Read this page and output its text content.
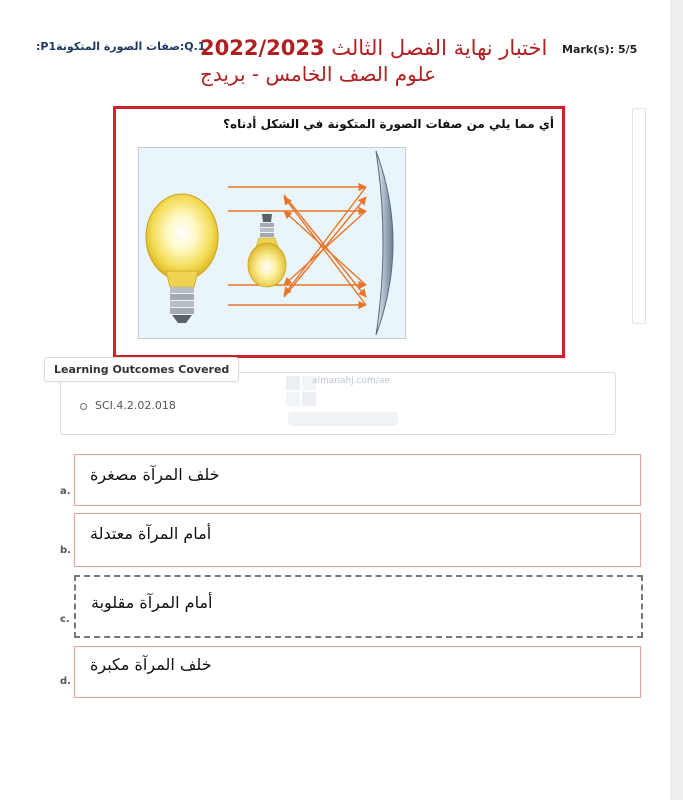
Q.1:صفات الصورة المتكونةP1:	Mark(s): 5/5
اختبار نهاية الفصل الثالث 2022/2023
علوم الصف الخامس - بريدج
أي مما يلي من صفات الصورة المتكونة في الشكل أدناه؟
almanahj.com/ae
Learning Outcomes Covered
SCI.4.2.02.018
a.
خلف المرآة مصغرة
b.
أمام المرآة معتدلة
c.
أمام المرآة مقلوبة
d.
خلف المرآة مكبرة
